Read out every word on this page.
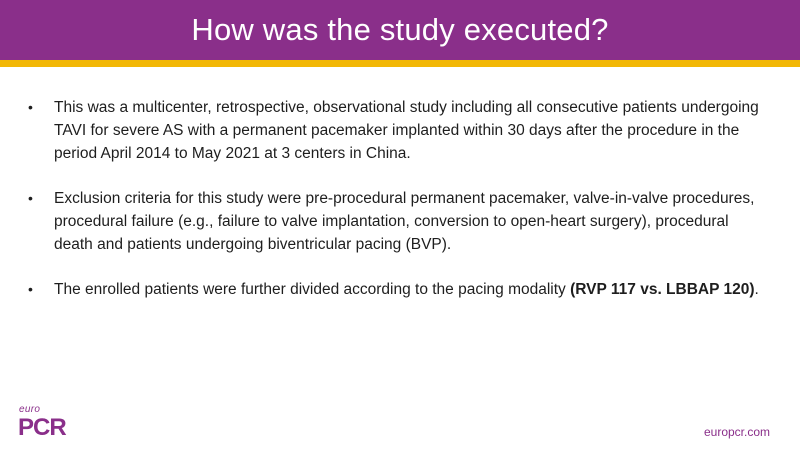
How was the study executed?
• This was a multicenter, retrospective, observational study including all consecutive patients undergoing TAVI for severe AS with a permanent pacemaker implanted within 30 days after the procedure in the period April 2014 to May 2021 at 3 centers in China.
• Exclusion criteria for this study were pre-procedural permanent pacemaker, valve-in-valve procedures, procedural failure (e.g., failure to valve implantation, conversion to open-heart surgery), procedural death and patients undergoing biventricular pacing (BVP).
• The enrolled patients were further divided according to the pacing modality (RVP 117 vs. LBBAP 120).
euro
PCR	europcr.com
